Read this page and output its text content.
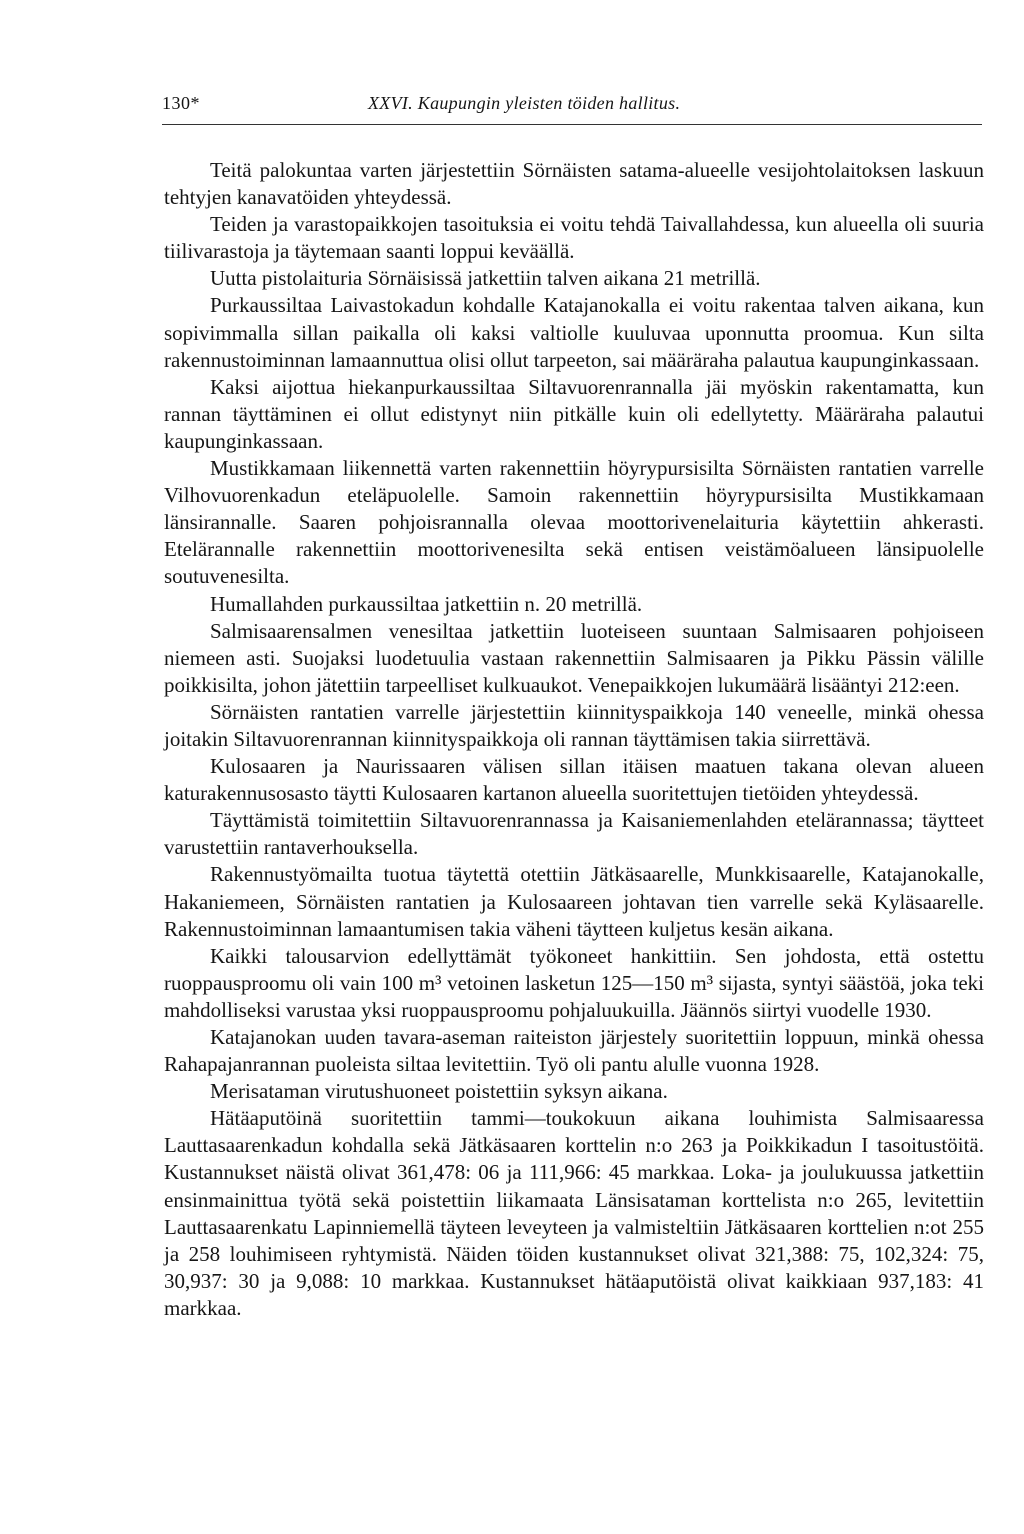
130*	XXVI. Kaupungin yleisten töiden hallitus.

Teitä palokuntaa varten järjestettiin Sörnäisten satama-alueelle vesijohtolaitoksen laskuun tehtyjen kanavatöiden yhteydessä.

Teiden ja varastopaikkojen tasoituksia ei voitu tehdä Taivallahdessa, kun alueella oli suuria tiilivarastoja ja täytemaan saanti loppui keväällä.

Uutta pistolaituria Sörnäisissä jatkettiin talven aikana 21 metrillä.

Purkaussiltaa Laivastokadun kohdalle Katajanokalla ei voitu rakentaa talven aikana, kun sopivimmalla sillan paikalla oli kaksi valtiolle kuuluvaa uponnutta proomua. Kun silta rakennustoiminnan lamaannuttua olisi ollut tarpeeton, sai määräraha palautua kaupunginkassaan.

Kaksi aijottua hiekanpurkaussiltaa Siltavuorenrannalla jäi myöskin rakentamatta, kun rannan täyttäminen ei ollut edistynyt niin pitkälle kuin oli edellytetty. Määräraha palautui kaupunginkassaan.

Mustikkamaan liikennettä varten rakennettiin höyrypursisilta Sörnäisten rantatien varrelle Vilhovuorenkadun eteläpuolelle. Samoin rakennettiin höyrypursisilta Mustikkamaan länsirannalle. Saaren pohjoisrannalla olevaa moottorivenelaituria käytettiin ahkerasti. Etelärannalle rakennettiin moottorivenesilta sekä entisen veistämöalueen länsipuolelle soutuvenesilta.

Humallahden purkaussiltaa jatkettiin n. 20 metrillä.

Salmisaarensalmen venesiltaa jatkettiin luoteiseen suuntaan Salmisaaren pohjoiseen niemeen asti. Suojaksi luodetuulia vastaan rakennettiin Salmisaaren ja Pikku Pässin välille poikkisilta, johon jätettiin tarpeelliset kulkuaukot. Venepaikkojen lukumäärä lisääntyi 212:een.

Sörnäisten rantatien varrelle järjestettiin kiinnityspaikkoja 140 veneelle, minkä ohessa joitakin Siltavuorenrannan kiinnityspaikkoja oli rannan täyttämisen takia siirrettävä.

Kulosaaren ja Naurissaaren välisen sillan itäisen maatuen takana olevan alueen katurakennusosasto täytti Kulosaaren kartanon alueella suoritettujen tietöiden yhteydessä.

Täyttämistä toimitettiin Siltavuorenrannassa ja Kaisaniemenlahden etelärannassa; täytteet varustettiin rantaverhouksella.

Rakennustyömailta tuotua täytettä otettiin Jätkäsaarelle, Munkkisaarelle, Katajanokalle, Hakaniemeen, Sörnäisten rantatien ja Kulosaareen johtavan tien varrelle sekä Kyläsaarelle. Rakennustoiminnan lamaantumisen takia väheni täytteen kuljetus kesän aikana.

Kaikki talousarvion edellyttämät työkoneet hankittiin. Sen johdosta, että ostettu ruoppausproomu oli vain 100 m³ vetoinen lasketun 125—150 m³ sijasta, syntyi säästöä, joka teki mahdolliseksi varustaa yksi ruoppausproomu pohjaluukuilla. Jäännös siirtyi vuodelle 1930.

Katajanokan uuden tavara-aseman raiteiston järjestely suoritettiin loppuun, minkä ohessa Rahapajanrannan puoleista siltaa levitettiin. Työ oli pantu alulle vuonna 1928.

Merisataman virutushuoneet poistettiin syksyn aikana.

Hätäaputöinä suoritettiin tammi—toukokuun aikana louhimista Salmisaaressa Lauttasaarenkadun kohdalla sekä Jätkäsaaren korttelin n:o 263 ja Poikkikadun I tasoitustöitä. Kustannukset näistä olivat 361,478: 06 ja 111,966: 45 markkaa. Loka- ja joulukuussa jatkettiin ensinmainittua työtä sekä poistettiin liikamaata Länsisataman korttelista n:o 265, levitettiin Lauttasaarenkatu Lapinniemellä täyteen leveyteen ja valmisteltiin Jätkäsaaren korttelien n:ot 255 ja 258 louhimiseen ryhtymistä. Näiden töiden kustannukset olivat 321,388: 75, 102,324: 75, 30,937: 30 ja 9,088: 10 markkaa. Kustannukset hätäaputöistä olivat kaikkiaan 937,183: 41 markkaa.
